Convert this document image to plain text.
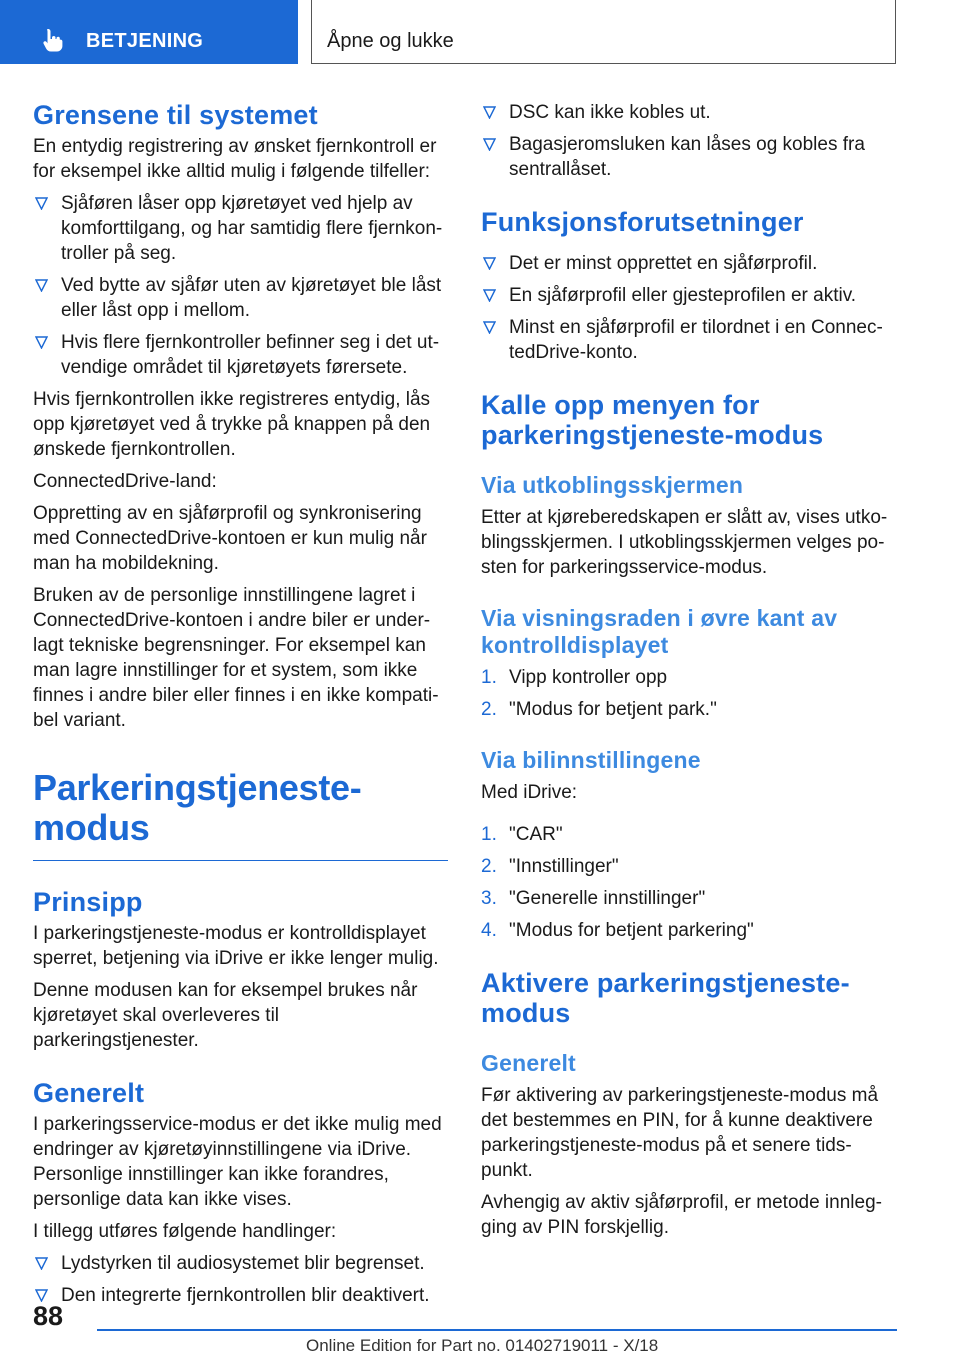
BETJENING	Åpne og lukke
Grensene til systemet
En entydig registrering av ønsket fjernkontroll er for eksempel ikke alltid mulig i følgende tilfeller:
Sjåføren låser opp kjøretøyet ved hjelp av komforttilgang, og har samtidig flere fjernkontroller på seg.
Ved bytte av sjåfør uten av kjøretøyet ble låst eller låst opp i mellom.
Hvis flere fjernkontroller befinner seg i det utvendige området til kjøretøyets førersete.
Hvis fjernkontrollen ikke registreres entydig, lås opp kjøretøyet ved å trykke på knappen på den ønskede fjernkontrollen.
ConnectedDrive-land:
Oppretting av en sjåførprofil og synkronisering med ConnectedDrive-kontoen er kun mulig når man ha mobildekning.
Bruken av de personlige innstillingene lagret i ConnectedDrive-kontoen i andre biler er underlagt tekniske begrensninger. For eksempel kan man lagre innstillinger for et system, som ikke finnes i andre biler eller finnes i en ikke kompatibel variant.
Parkeringstjeneste-modus
Prinsipp
I parkeringstjeneste-modus er kontrolldisplayet sperret, betjening via iDrive er ikke lenger mulig.
Denne modusen kan for eksempel brukes når kjøretøyet skal overleveres til parkeringstjenester.
Generelt
I parkeringsservice-modus er det ikke mulig med endringer av kjøretøyinnstillingene via iDrive. Personlige innstillinger kan ikke forandres, personlige data kan ikke vises.
I tillegg utføres følgende handlinger:
Lydstyrken til audiosystemet blir begrenset.
Den integrerte fjernkontrollen blir deaktivert.
DSC kan ikke kobles ut.
Bagasjeromsluken kan låses og kobles fra sentrallåset.
Funksjonsforutsetninger
Det er minst opprettet en sjåførprofil.
En sjåførprofil eller gjesteprofilen er aktiv.
Minst en sjåførprofil er tilordnet i en ConnectedDrive-konto.
Kalle opp menyen for parkeringstjeneste-modus
Via utkoblingsskjermen
Etter at kjøreberedskapen er slått av, vises utkoblingsskjermen. I utkoblingsskjermen velges posten for parkeringsservice-modus.
Via visningsraden i øvre kant av kontrolldisplayet
1. Vipp kontroller opp
2. "Modus for betjent park."
Via bilinnstillingene
Med iDrive:
1. "CAR"
2. "Innstillinger"
3. "Generelle innstillinger"
4. "Modus for betjent parkering"
Aktivere parkeringstjeneste-modus
Generelt
Før aktivering av parkeringstjeneste-modus må det bestemmes en PIN, for å kunne deaktivere parkeringstjeneste-modus på et senere tidspunkt.
Avhengig av aktiv sjåførprofil, er metode innlegging av PIN forskjellig.
88
Online Edition for Part no. 01402719011 - X/18
